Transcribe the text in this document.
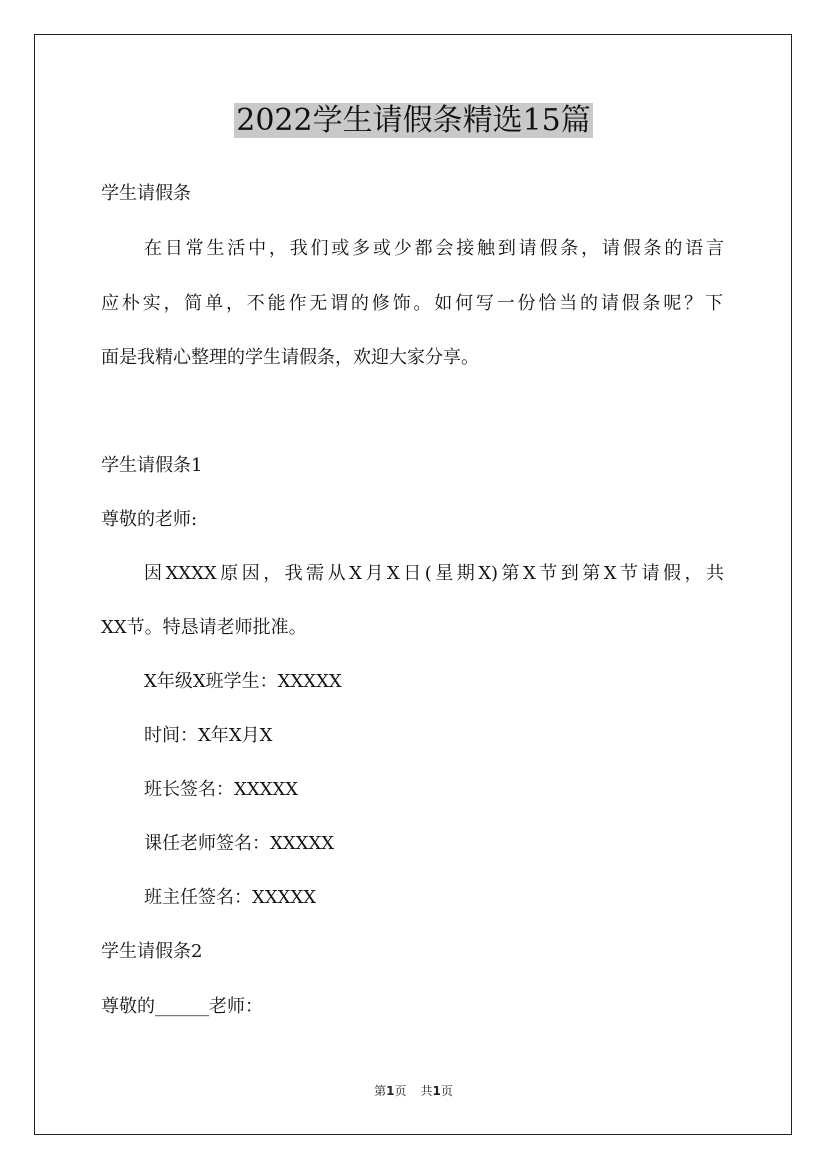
2022学生请假条精选15篇
学生请假条
在日常生活中，我们或多或少都会接触到请假条，请假条的语言
应朴实，简单，不能作无谓的修饰。如何写一份恰当的请假条呢？下
面是我精心整理的学生请假条，欢迎大家分享。
学生请假条1
尊敬的老师:
因XXXX原因，我需从X月X日(星期X)第X节到第X节请假，共
XX节。特恳请老师批准。
X年级X班学生：XXXXX
时间：X年X月X
班长签名：XXXXX
课任老师签名：XXXXX
班主任签名：XXXXX
学生请假条2
尊敬的______老师：
第1页 共1页
